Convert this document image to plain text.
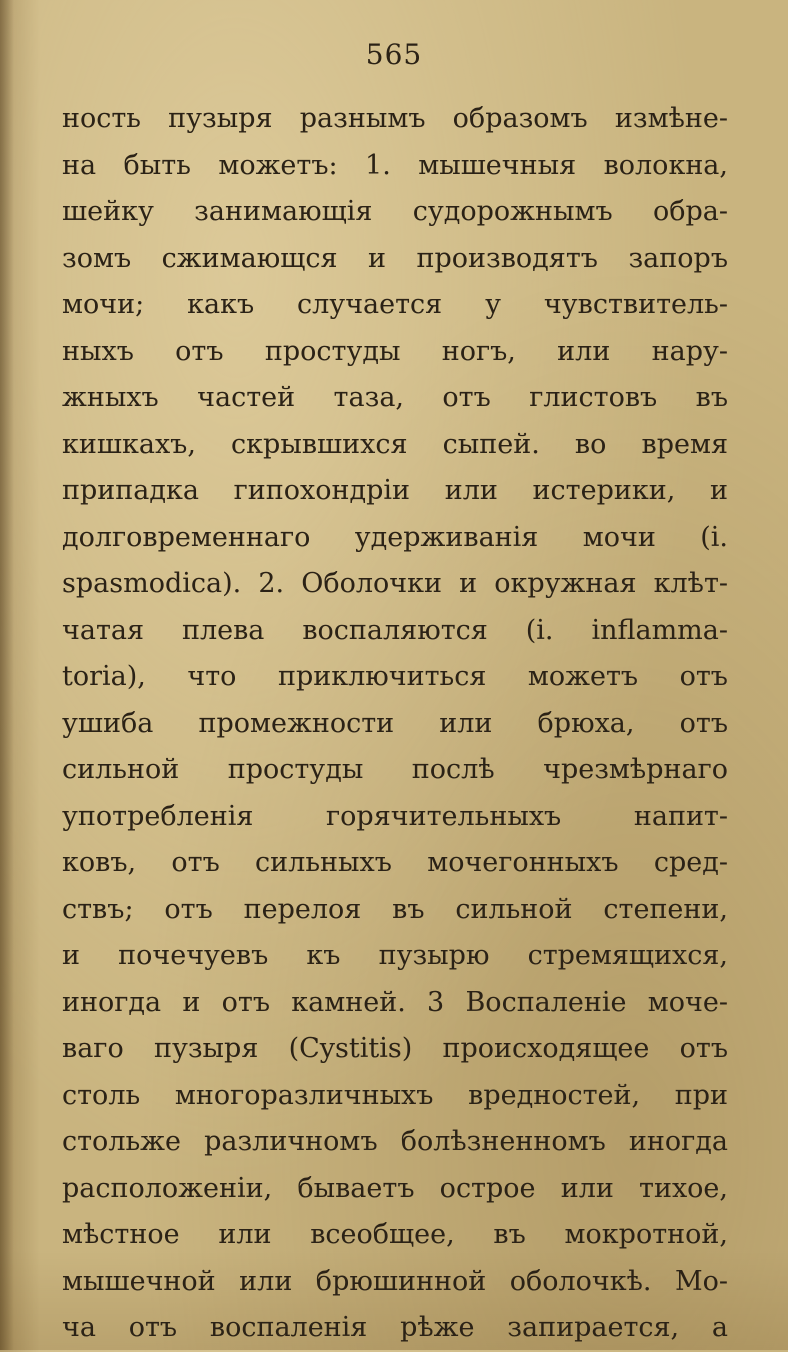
565
ность пузыря разнымъ образомъ измѣне-
на быть можетъ: 1. мышечныя волокна,
шейку занимающія судорожнымъ обра-
зомъ сжимающся и производятъ запоръ
мочи; какъ случается у чувствитель-
ныхъ отъ простуды ногъ, или нару-
жныхъ частей таза, отъ глистовъ въ
кишкахъ, скрывшихся сыпей. во время
припадка гипохондріи или истерики, и
долговременнаго удерживанія мочи (i.
spasmodica). 2. Оболочки и окружная клѣт-
чатая плева воспаляются (i. inflamma-
toria), что приключиться можетъ отъ
ушиба промежности или брюха, отъ
сильной простуды послѣ чрезмѣрнаго
употребленія горячительныхъ напит-
ковъ, отъ сильныхъ мочегонныхъ сред-
ствъ; отъ перелоя въ сильной степени,
и почечуевъ къ пузырю стремящихся,
иногда и отъ камней. 3 Воспаленіе моче-
ваго пузыря (Cystitis) происходящее отъ
столь многоразличныхъ вредностей, при
стольже различномъ болѣзненномъ иногда
расположеніи, бываетъ острое или тихое,
мѣстное или всеобщее, въ мокротной,
мышечной или брюшинной оболочкѣ. Мо-
ча отъ воспаленія рѣже запирается, а
